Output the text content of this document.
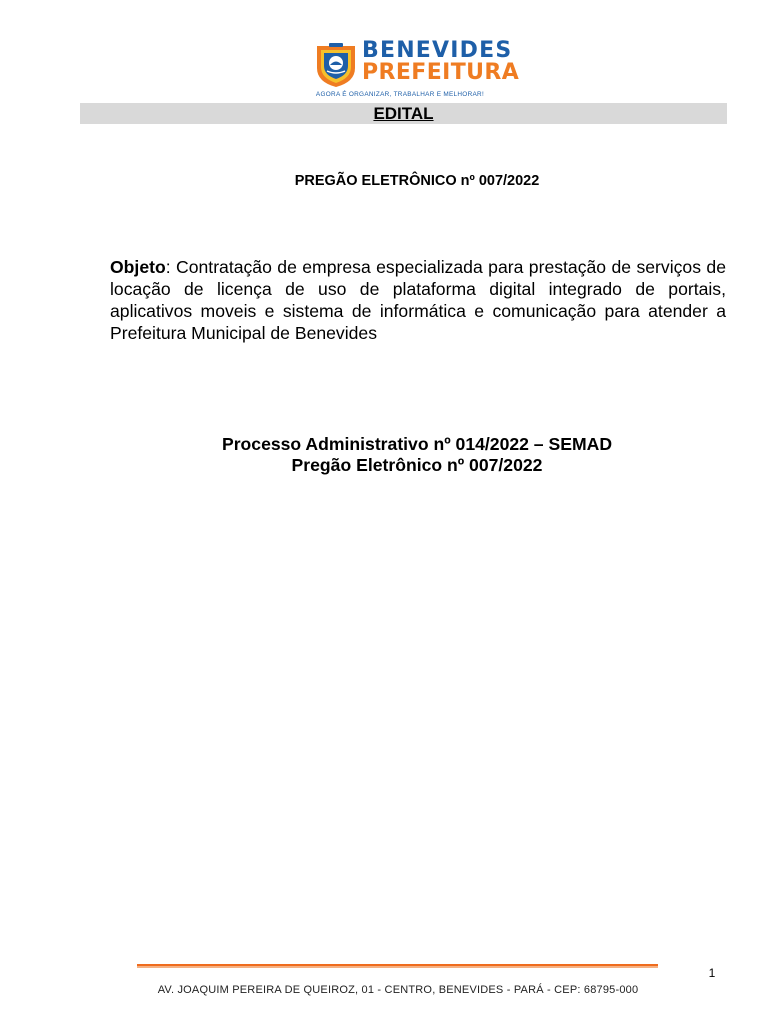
BENEVIDES
PREFEITURA
AGORA É ORGANIZAR, TRABALHAR E MELHORAR!
EDITAL
PREGÃO ELETRÔNICO nº 007/2022

Objeto: Contratação de empresa especializada para prestação de serviços de locação de licença de uso de plataforma digital integrado de portais, aplicativos moveis e sistema de informática e comunicação para atender a Prefeitura Municipal de Benevides

Processo Administrativo nº 014/2022 – SEMAD
Pregão Eletrônico nº 007/2022
1
AV. JOAQUIM PEREIRA DE QUEIROZ, 01 - CENTRO, BENEVIDES - PARÁ - CEP: 68795-000
